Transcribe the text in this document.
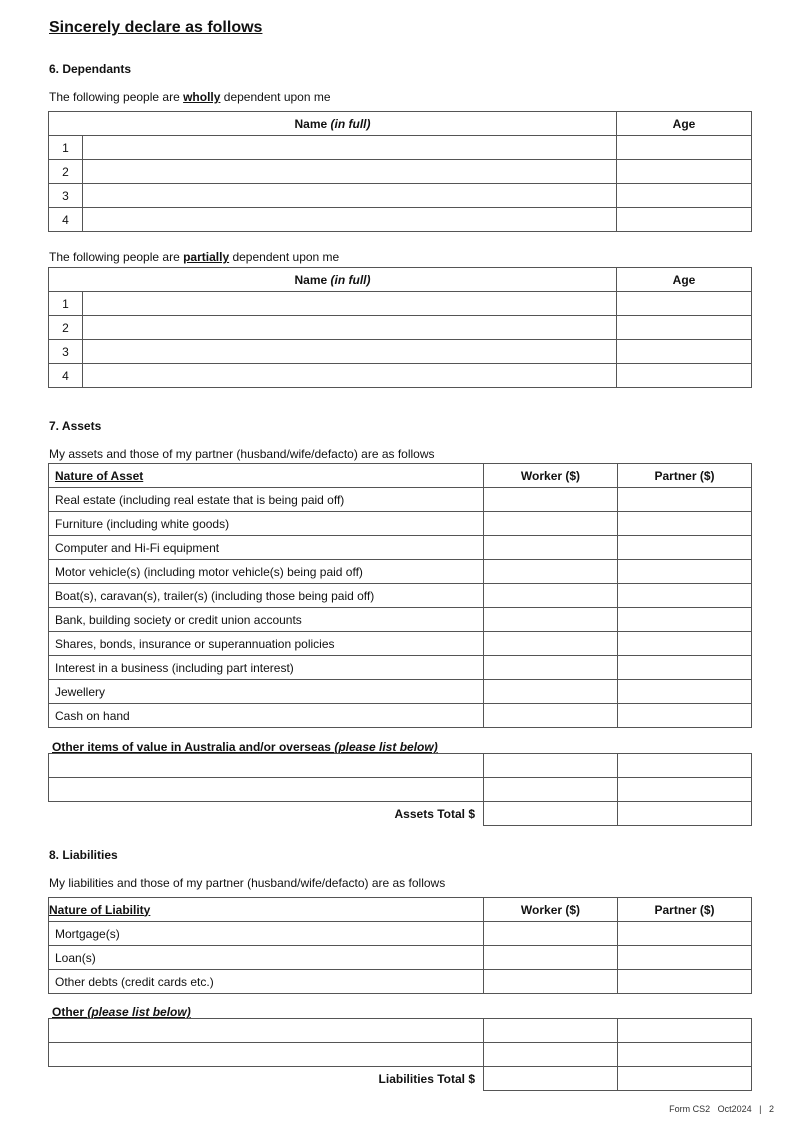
Sincerely declare as follows
6. Dependants
The following people are wholly dependent upon me
Name (in full)		Age
1		
2		
3		
4		
The following people are partially dependent upon me
Name (in full)		Age
1		
2		
3		
4		
7. Assets
My assets and those of my partner (husband/wife/defacto) are as follows
Nature of Asset	Worker ($)	Partner ($)
Real estate (including real estate that is being paid off)		
Furniture (including white goods)		
Computer and Hi-Fi equipment		
Motor vehicle(s) (including motor vehicle(s) being paid off)		
Boat(s), caravan(s), trailer(s) (including those being paid off)		
Bank, building society or credit union accounts		
Shares, bonds, insurance or superannuation policies		
Interest in a business (including part interest)		
Jewellery		
Cash on hand		
Other items of value in Australia and/or overseas (please list below)

Assets Total $		
8. Liabilities
My liabilities and those of my partner (husband/wife/defacto) are as follows
Nature of Liability	Worker ($)	Partner ($)
Mortgage(s)		
Loan(s)		
Other debts (credit cards etc.)		
Other (please list below)

Liabilities Total $		
Form CS2   Oct2024   |   2
